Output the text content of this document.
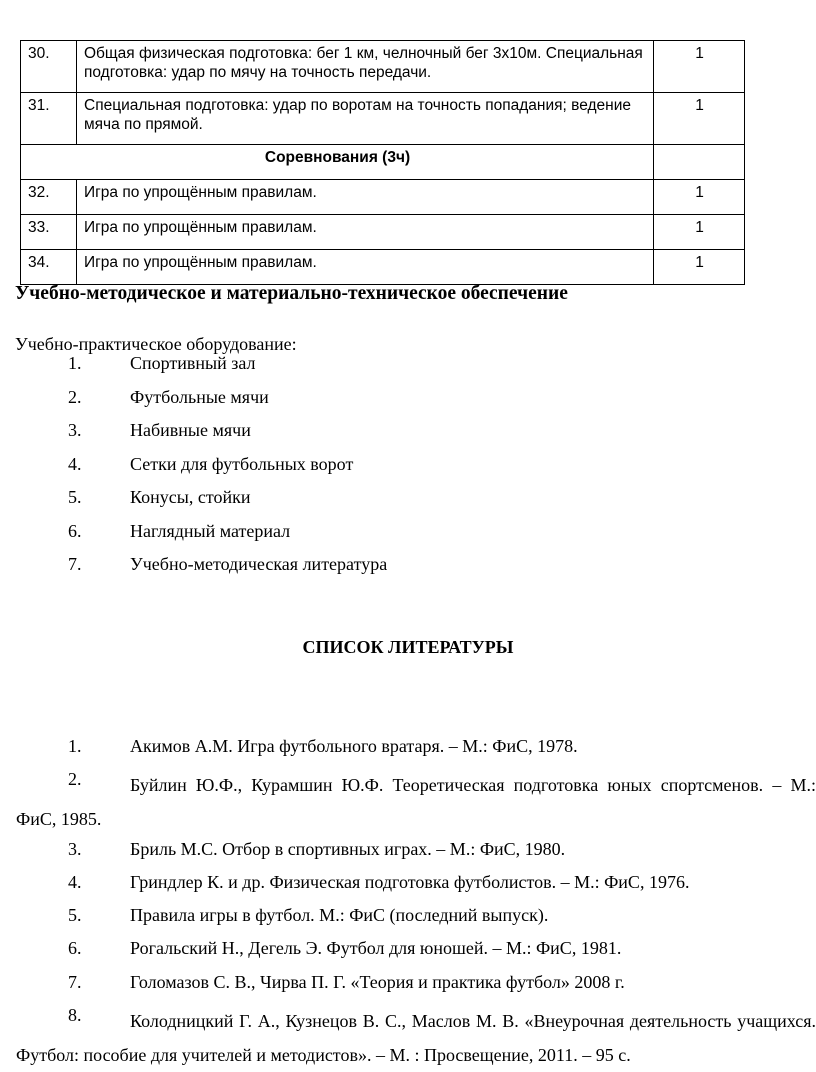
30.	Общая физическая подготовка: бег 1 км, челночный бег 3х10м. Специальная подготовка: удар по мячу на точность передачи.	1
31.	Специальная подготовка: удар по воротам на точность попадания; ведение мяча по прямой.	1
Соревнования (3ч)		
32.	Игра по упрощённым правилам.	1
33.	Игра по упрощённым правилам.	1
34.	Игра по упрощённым правилам.	1
Учебно-методическое и материально-техническое обеспечение
Учебно-практическое оборудование:
1.	Спортивный зал
2.	Футбольные мячи
3.	Набивные мячи
4.	Сетки для футбольных ворот
5.	Конусы, стойки
6.	Наглядный материал
7.	Учебно-методическая литература
СПИСОК ЛИТЕРАТУРЫ
1.	Акимов А.М. Игра футбольного вратаря. – М.: ФиС, 1978.
2.	Буйлин Ю.Ф., Курамшин Ю.Ф. Теоретическая подготовка юных спортсменов. – М.: ФиС, 1985.
3.	Бриль М.С. Отбор в спортивных играх. – М.: ФиС, 1980.
4.	Гриндлер К. и др. Физическая подготовка футболистов. – М.: ФиС, 1976.
5.	Правила игры в футбол. М.: ФиС (последний выпуск).
6.	Рогальский Н., Дегель Э. Футбол для юношей. – М.: ФиС, 1981.
7.	Голомазов С. В., Чирва П. Г. «Теория и практика футбол» 2008 г.
8.	Колодницкий Г. А., Кузнецов В. С., Маслов М. В. «Внеурочная деятельность учащихся. Футбол: пособие для учителей и методистов». – М. : Просвещение, 2011. – 95 с.
